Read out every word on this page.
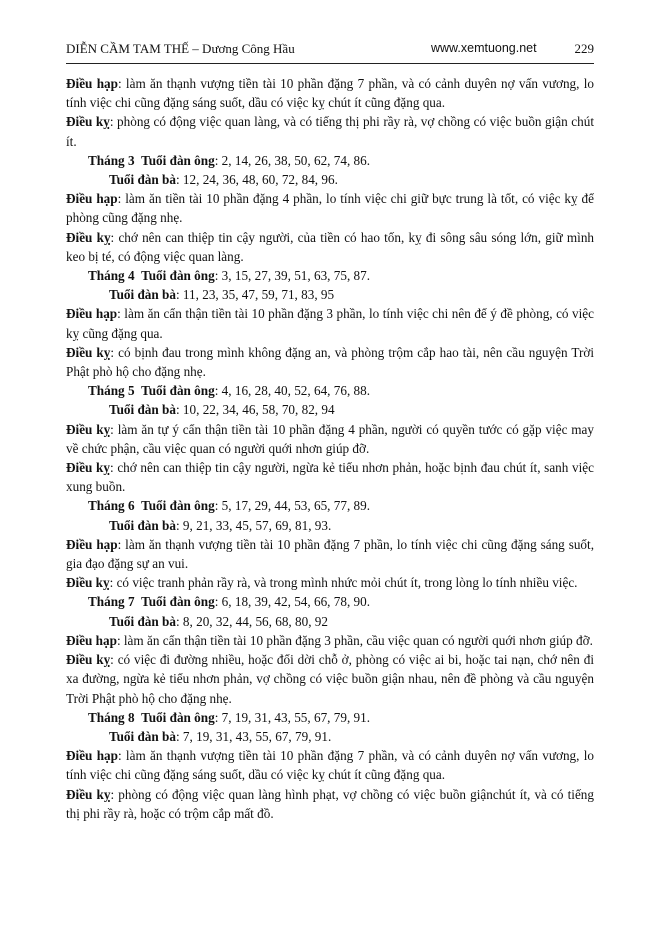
DIỄN CẦM TAM THẾ – Dương Công Hầu	www.xemtuong.net	229

Điều hạp: làm ăn thạnh vượng tiền tài 10 phần đặng 7 phần, và có cảnh duyên nợ vấn vương, lo tính việc chi cũng đặng sáng suốt, dầu có việc kỵ chút ít cũng đặng qua.

Điều kỵ: phòng có động việc quan làng, và có tiếng thị phi rầy rà, vợ chồng có việc buồn giận chút ít.

Tháng 3 Tuổi đàn ông: 2, 14, 26, 38, 50, 62, 74, 86.

Tuổi đàn bà: 12, 24, 36, 48, 60, 72, 84, 96.

Điều hạp: làm ăn tiền tài 10 phần đặng 4 phần, lo tính việc chi giữ bực trung là tốt, có việc kỵ để phòng cũng đặng nhẹ.

Điều kỵ: chớ nên can thiệp tin cậy người, của tiền có hao tốn, kỵ đi sông sâu sóng lớn, giữ mình keo bị té, có động việc quan làng.

Tháng 4 Tuổi đàn ông: 3, 15, 27, 39, 51, 63, 75, 87.

Tuổi đàn bà: 11, 23, 35, 47, 59, 71, 83, 95

Điều hạp: làm ăn cẩn thận tiền tài 10 phần đặng 3 phần, lo tính việc chi nên để ý đề phòng, có việc kỵ cũng đặng qua.

Điều kỵ: có bịnh đau trong mình không đặng an, và phòng trộm cắp hao tài, nên cầu nguyện Trời Phật phò hộ cho đặng nhẹ.

Tháng 5 Tuổi đàn ông: 4, 16, 28, 40, 52, 64, 76, 88.

Tuổi đàn bà: 10, 22, 34, 46, 58, 70, 82, 94

Điều kỵ: làm ăn tự ý cẩn thận tiền tài 10 phần đặng 4 phần, người có quyền tước có gặp việc may về chức phận, cầu việc quan có người quới nhơn giúp đỡ.

Điều kỵ: chớ nên can thiệp tin cậy người, ngừa kẻ tiểu nhơn phản, hoặc bịnh đau chút ít, sanh việc xung buồn.

Tháng 6 Tuổi đàn ông: 5, 17, 29, 44, 53, 65, 77, 89.

Tuổi đàn bà: 9, 21, 33, 45, 57, 69, 81, 93.

Điều hạp: làm ăn thạnh vượng tiền tài 10 phần đặng 7 phần, lo tính việc chi cũng đặng sáng suốt, gia đạo đặng sự an vui.

Điều kỵ: có việc tranh phản rầy rà, và trong mình nhức mỏi chút ít, trong lòng lo tính nhiều việc.

Tháng 7 Tuổi đàn ông: 6, 18, 39, 42, 54, 66, 78, 90.

Tuổi đàn bà: 8, 20, 32, 44, 56, 68, 80, 92

Điều hạp: làm ăn cẩn thận tiền tài 10 phần đặng 3 phần, cầu việc quan có người quới nhơn giúp đỡ.

Điều kỵ: có việc đi đường nhiều, hoặc đổi dời chỗ ở, phòng có việc ai bi, hoặc tai nạn, chớ nên đi xa đường, ngừa kẻ tiểu nhơn phản, vợ chồng có việc buồn giận nhau, nên đề phòng và cầu nguyện Trời Phật phò hộ cho đặng nhẹ.

Tháng 8 Tuổi đàn ông: 7, 19, 31, 43, 55, 67, 79, 91.

Tuổi đàn bà: 7, 19, 31, 43, 55, 67, 79, 91.

Điều hạp: làm ăn thạnh vượng tiền tài 10 phần đặng 7 phần, và có cảnh duyên nợ vấn vương, lo tính việc chi cũng đặng sáng suốt, dầu có việc kỵ chút ít cũng đặng qua.

Điều kỵ: phòng có động việc quan làng hình phạt, vợ chồng có việc buồn giậnchút ít, và có tiếng thị phi rầy rà, hoặc có trộm cắp mất đồ.
